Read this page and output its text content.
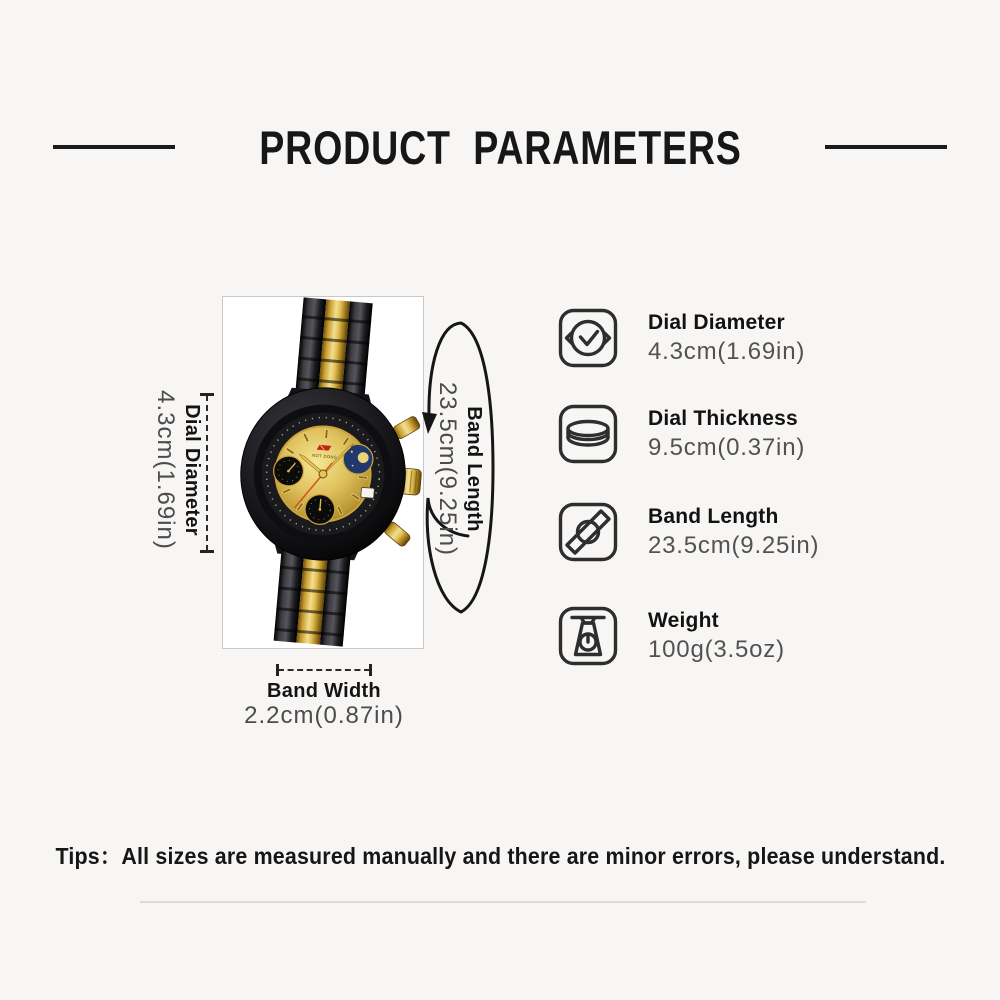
PRODUCT PARAMETERS
NOT DONS
Dial Diameter
4.3cm(1.69in)	Band Length
23.5cm(9.25in)
Band Width
2.2cm(0.87in)
Dial Diameter
4.3cm(1.69in)
Dial Thickness
9.5cm(0.37in)
Band Length
23.5cm(9.25in)
Weight
100g(3.5oz)
Tips：All sizes are measured manually and there are minor errors, please understand.
